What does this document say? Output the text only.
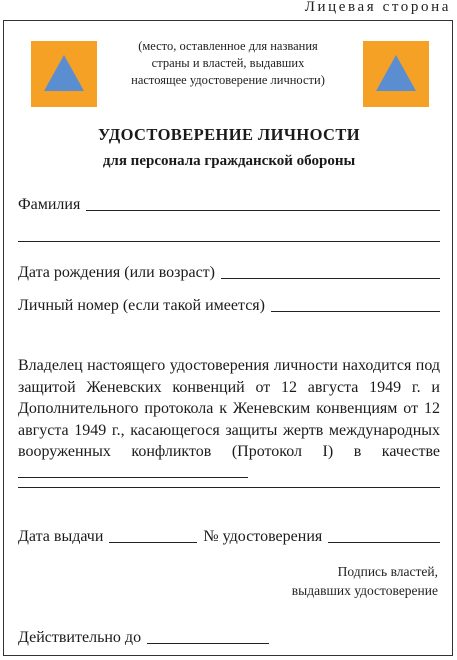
Лицевая сторона
(место, оставленное для названия
страны и властей, выдавших
настоящее удостоверение личности)
УДОСТОВЕРЕНИЕ ЛИЧНОСТИ
для персонала гражданской обороны
Фамилия
Дата рождения (или возраст)
Личный номер (если такой имеется)

Владелец настоящего удостоверения личности находится под защитой Женевских конвенций от 12 августа 1949 г. и Дополнительного протокола к Женевским конвенциям от 12 августа 1949 г., касающегося защиты жертв международных вооруженных конфликтов (Протокол I) в качестве

Дата выдачи	№ удостоверения
Подпись властей,
выдавших удостоверение
Действительно до
